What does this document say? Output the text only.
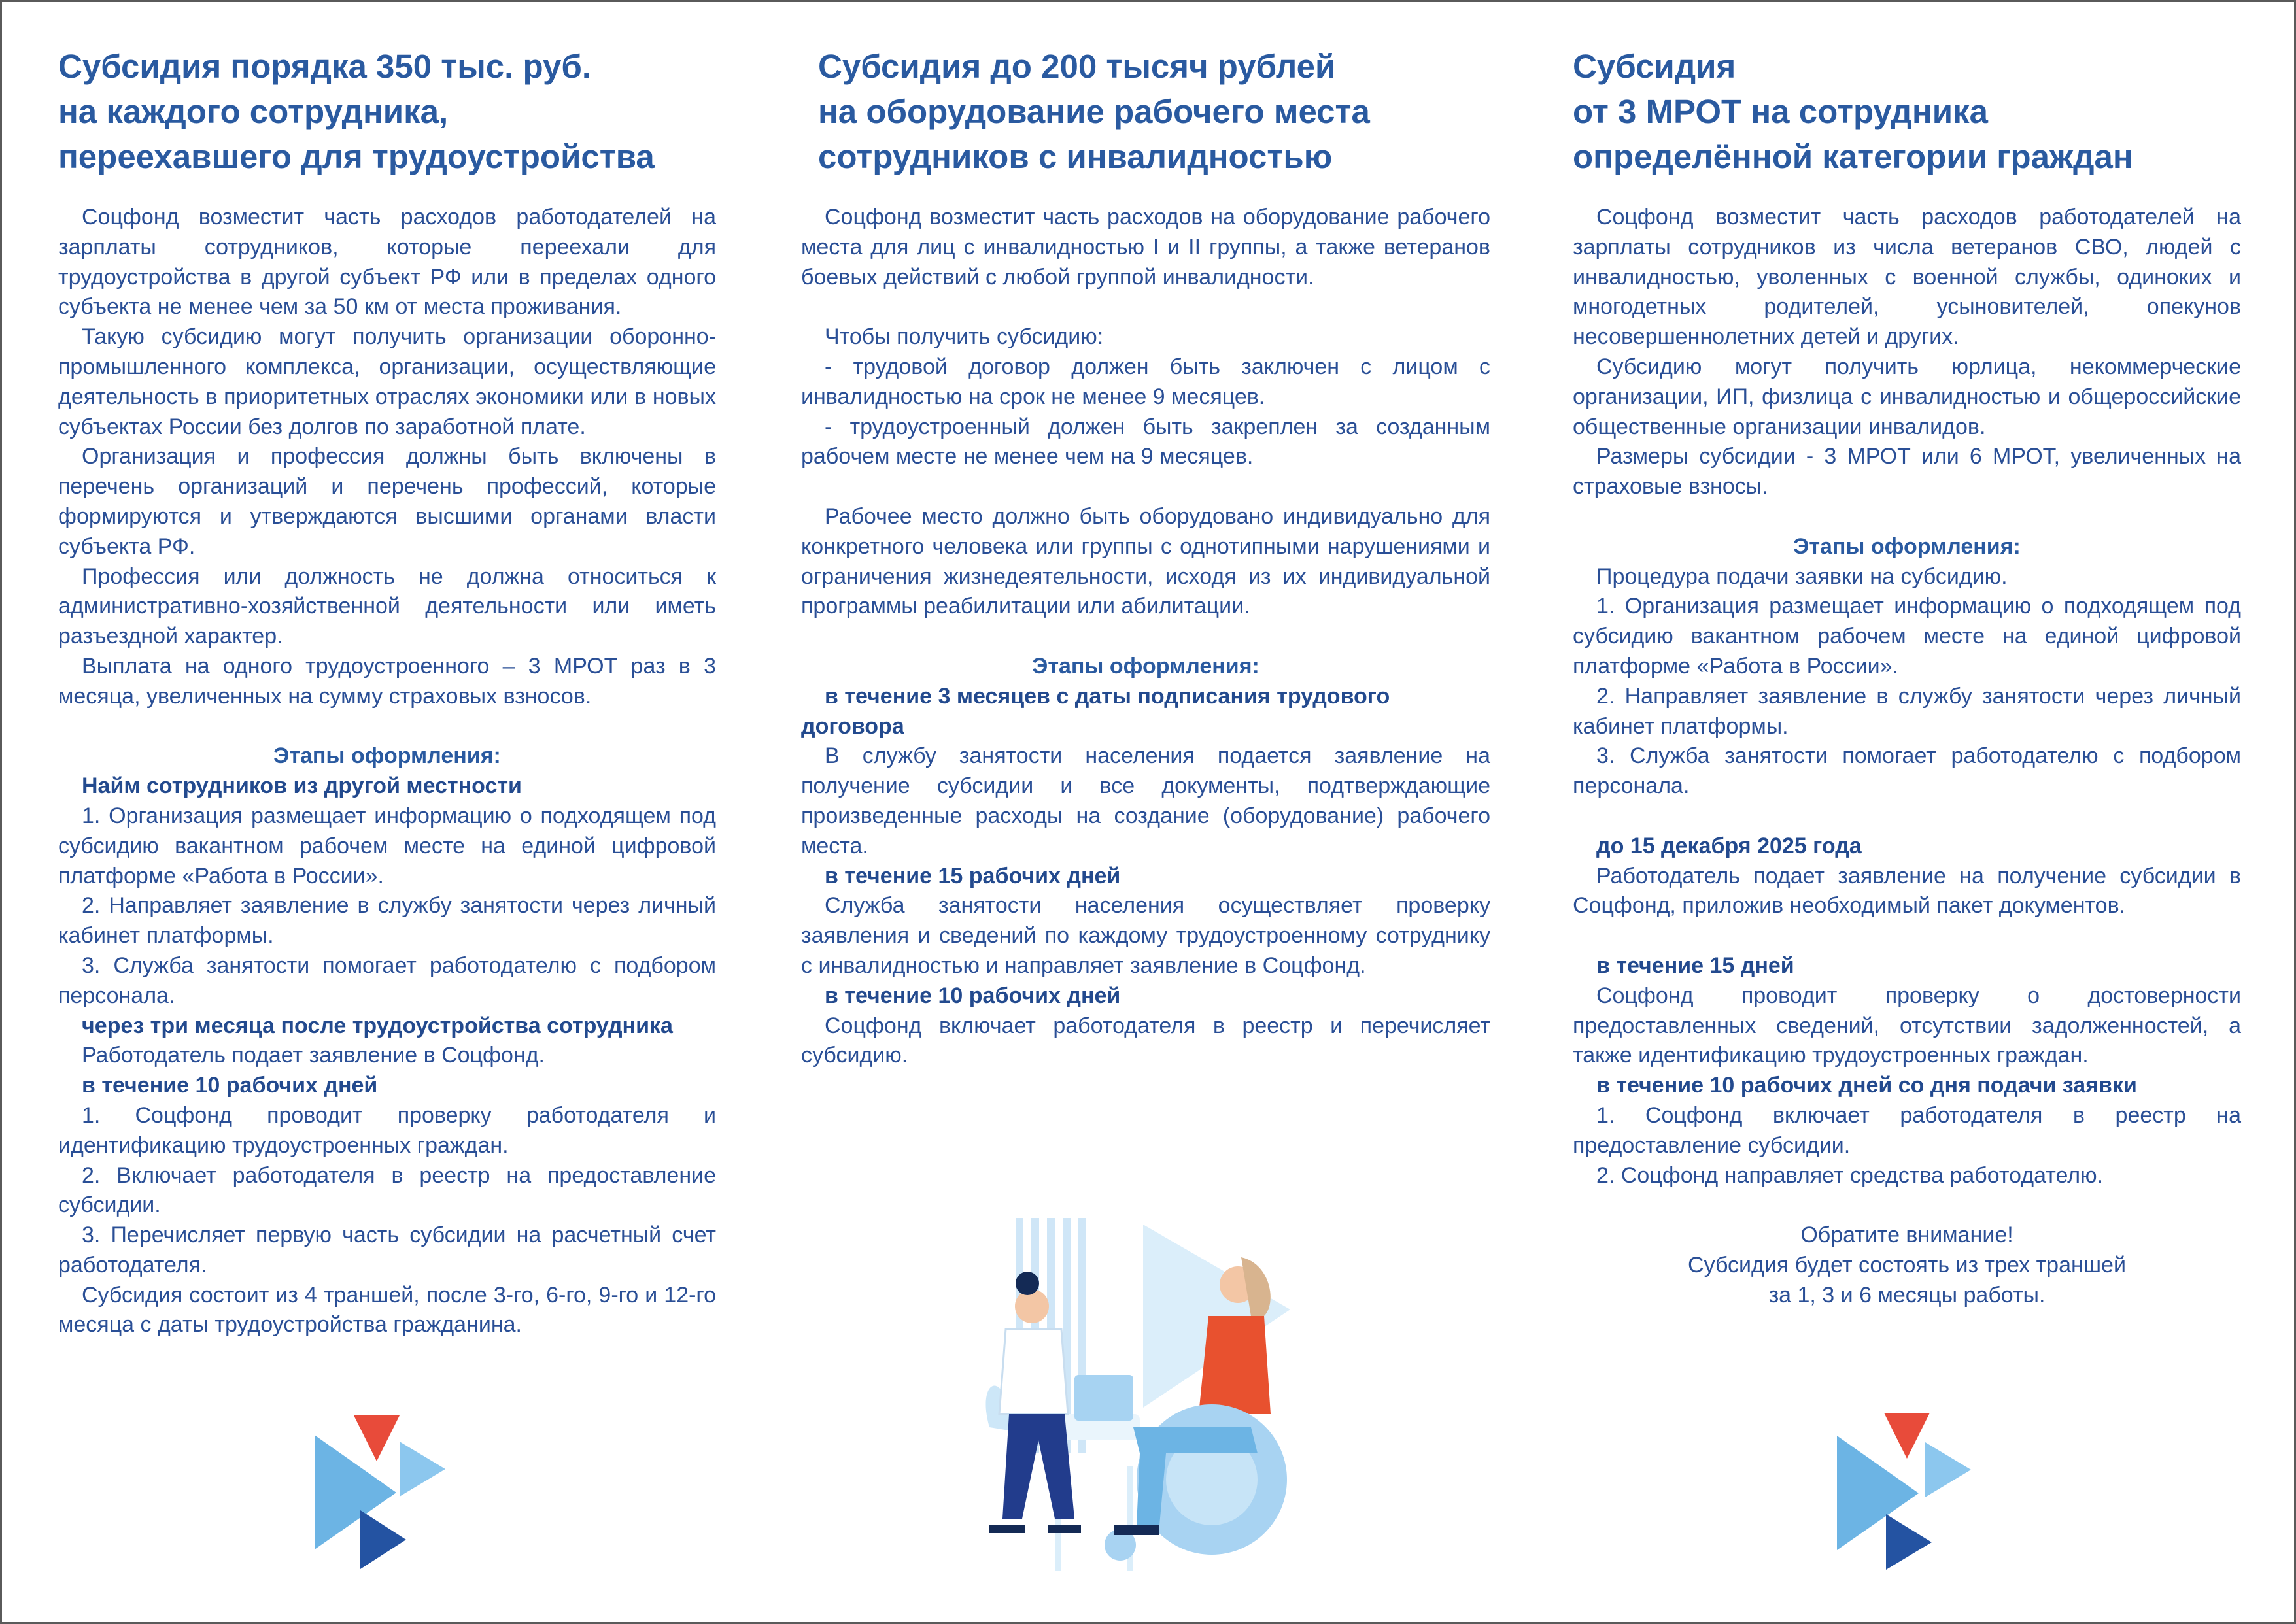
Субсидия порядка 350 тыс. руб.
на каждого сотрудника,
переехавшего для трудоустройства

Соцфонд возместит часть расходов работодателей на зарплаты сотрудников, которые переехали для трудоустройства в другой субъект РФ или в пределах одного субъекта не менее чем за 50 км от места проживания.

Такую субсидию могут получить организации оборонно-промышленного комплекса, организации, осуществляющие деятельность в приоритетных отраслях экономики или в новых субъектах России без долгов по заработной плате.

Организация и профессия должны быть включены в перечень организаций и перечень профессий, которые формируются и утверждаются высшими органами власти субъекта РФ.

Профессия или должность не должна относиться к административно-хозяйственной деятельности или иметь разъездной характер.

Выплата на одного трудоустроенного – 3 МРОТ раз в 3 месяца, увеличенных на сумму страховых взносов.

Этапы оформления:

Найм сотрудников из другой местности

1. Организация размещает информацию о подходящем под субсидию вакантном рабочем месте на единой цифровой платформе «Работа в России».

2. Направляет заявление в службу занятости через личный кабинет платформы.

3. Служба занятости помогает работодателю с подбором персонала.

через три месяца после трудоустройства сотрудника

Работодатель подает заявление в Соцфонд.

в течение 10 рабочих дней

1. Соцфонд проводит проверку работодателя и идентификацию трудоустроенных граждан.

2. Включает работодателя в реестр на предоставление субсидии.

3. Перечисляет первую часть субсидии на расчетный счет работодателя.

Субсидия состоит из 4 траншей, после 3-го, 6-го, 9-го и 12-го месяца с даты трудоустройства гражданина.

Субсидия до 200 тысяч рублей
на оборудование рабочего места
сотрудников с инвалидностью

Соцфонд возместит часть расходов на оборудование рабочего места для лиц с инвалидностью I и II группы, а также ветеранов боевых действий с любой группой инвалидности.

Чтобы получить субсидию:

- трудовой договор должен быть заключен с лицом с инвалидностью на срок не менее 9 месяцев.

- трудоустроенный должен быть закреплен за созданным рабочем месте не менее чем на 9 месяцев.

Рабочее место должно быть оборудовано индивидуально для конкретного человека или группы с однотипными нарушениями и ограничения жизнедеятельности, исходя из их индивидуальной программы реабилитации или абилитации.

Этапы оформления:

в течение 3 месяцев с даты подписания трудового договора

В службу занятости населения подается заявление на получение субсидии и все документы, подтверждающие произведенные расходы на создание (оборудование) рабочего места.

в течение 15 рабочих дней

Служба занятости населения осуществляет проверку заявления и сведений по каждому трудоустроенному сотруднику с инвалидностью и направляет заявление в Соцфонд.

в течение 10 рабочих дней

Соцфонд включает работодателя в реестр и перечисляет субсидию.

Субсидия
от 3 МРОТ на сотрудника
определённой категории граждан

Соцфонд возместит часть расходов работодателей на зарплаты сотрудников из числа ветеранов СВО, людей с инвалидностью, уволенных с военной службы, одиноких и многодетных родителей, усыновителей, опекунов несовершеннолетних детей и других.

Субсидию могут получить юрлица, некоммерческие организации, ИП, физлица с инвалидностью и общероссийские общественные организации инвалидов.

Размеры субсидии - 3 МРОТ или 6 МРОТ, увеличенных на страховые взносы.

Этапы оформления:

Процедура подачи заявки на субсидию.

1. Организация размещает информацию о подходящем под субсидию вакантном рабочем месте на единой цифровой платформе «Работа в России».

2. Направляет заявление в службу занятости через личный кабинет платформы.

3. Служба занятости помогает работодателю с подбором персонала.

до 15 декабря 2025 года

Работодатель подает заявление на получение субсидии в Соцфонд, приложив необходимый пакет документов.

в течение 15 дней

Соцфонд проводит проверку о достоверности предоставленных сведений, отсутствии задолженностей, а также идентификацию трудоустроенных граждан.

в течение 10 рабочих дней со дня подачи заявки

1. Соцфонд включает работодателя в реестр на предоставление субсидии.

2. Соцфонд направляет средства работодателю.

Обратите внимание!

Субсидия будет состоять из трех траншей

за 1, 3 и 6 месяцы работы.
